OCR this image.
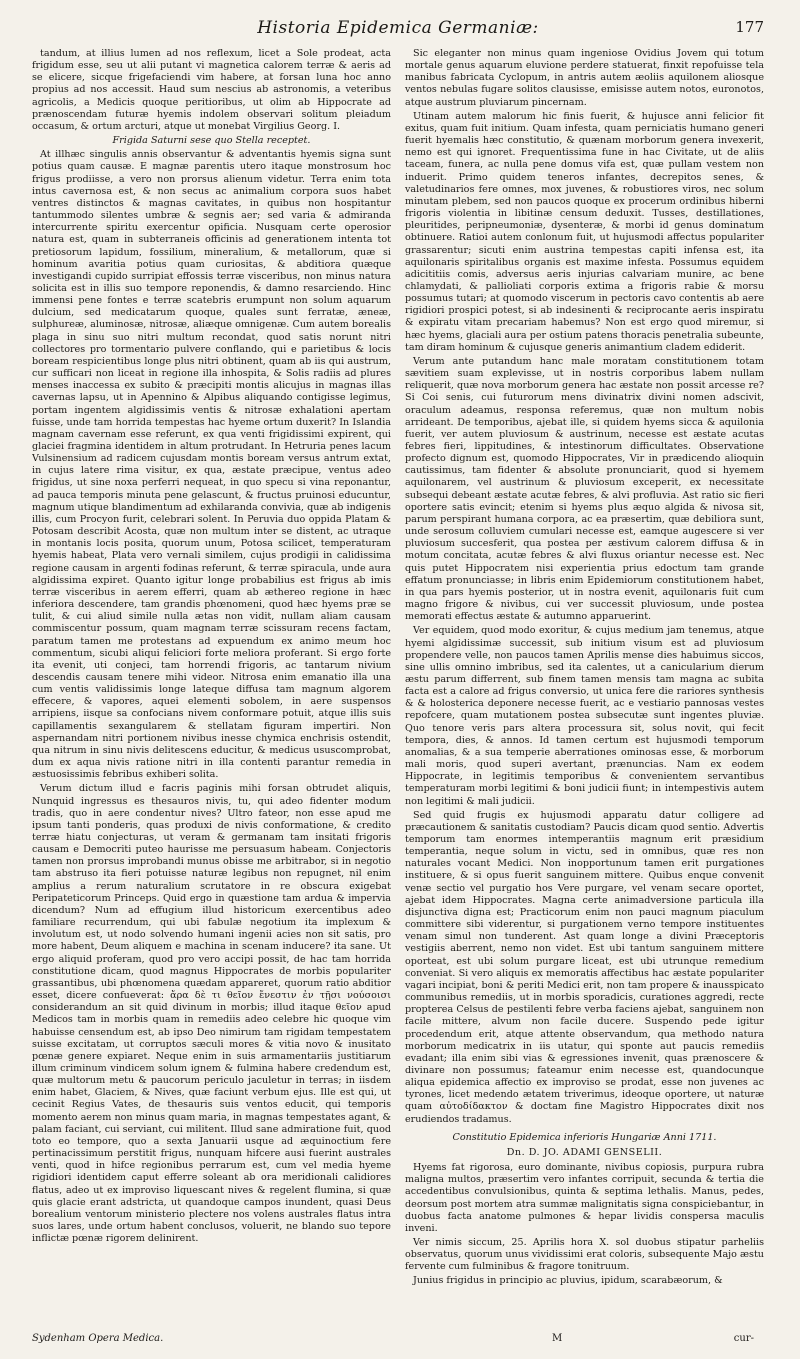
Historia Epidemica Germaniæ:	177

tandum, at illius lumen ad nos reflexum, licet a Sole prodeat, acta frigidum esse, seu ut alii putant vi magnetica calorem terræ & aeris ad se elicere, sicque frigefaciendi vim habere, at forsan luna hoc anno propius ad nos accessit. Haud sum nescius ab astronomis, a veteribus agricolis, a Medicis quoque peritioribus, ut olim ab Hippocrate ad prænoscendam futuræ hyemis indolem observari solitum pleiadum occasum, & ortum arcturi, atque ut monebat Virgilius Georg. I.

Frigida Saturni sese quo Stella receptet.

At illhæc singulis annis observantur & adventantis hyemis signa sunt potius quam causæ. E magnæ parentis utero itaque monstrosum hoc frigus prodiisse, a vero non prorsus alienum videtur. Terra enim tota intus cavernosa est, & non secus ac animalium corpora suos habet ventres distinctos & magnas cavitates, in quibus non hospitantur tantummodo silentes umbræ & segnis aer; sed varia & admiranda intercurrente spiritu exercentur opificia. Nusquam certe operosior natura est, quam in subterraneis officinis ad generationem intenta tot pretiosorum lapidum, fossilium, mineralium, & metallorum, quæ si hominum avaritia potius quam curiositas, & abditiora quæque investigandi cupido surripiat effossis terræ visceribus, non minus natura solicita est in illis suo tempore reponendis, & damno resarciendo. Hinc immensi pene fontes e terræ scatebris erumpunt non solum aquarum dulcium, sed medicatarum quoque, quales sunt ferratæ, æneæ, sulphureæ, aluminosæ, nitrosæ, aliæque omnigenæ. Cum autem borealis plaga in sinu suo nitri multum recondat, quod satis norunt nitri collectores pro tormentario pulvere conflando, qui e parietibus & locis boream respicientibus longe plus nitri obtinent, quam ab iis qui austrum, cur sufficari non liceat in regione illa inhospita, & Solis radiis ad plures menses inaccessa ex subito & præcipiti montis alicujus in magnas illas cavernas lapsu, ut in Apennino & Alpibus aliquando contigisse legimus, portam ingentem algidissimis ventis & nitrosæ exhalationi apertam fuisse, unde tam horrida tempestas hac hyeme ortum duxerit? In Islandia magnam cavernam esse referunt, ex qua venti frigidissimi expirent, qui glaciei fragmina identidem in altum protrudant. In Hetruria penes lacum Vulsinensium ad radicem cujusdam montis boream versus antrum extat, in cujus latere rima visitur, ex qua, æstate præcipue, ventus adeo frigidus, ut sine noxa perferri nequeat, in quo specu si vina reponantur, ad pauca temporis minuta pene gelascunt, & fructus pruinosi educuntur, magnum utique blandimentum ad exhilaranda convivia, quæ ab indigenis illis, cum Procyon furit, celebrari solent. In Peruvia duo oppida Platam & Potosam describit Acosta, quæ non multum inter se distent, ac utraque in montanis locis posita, quorum unum, Potosa scilicet, temperaturam hyemis habeat, Plata vero vernali similem, cujus prodigii in calidissima regione causam in argenti fodinas referunt, & terræ spiracula, unde aura algidissima expiret. Quanto igitur longe probabilius est frigus ab imis terræ visceribus in aerem efferri, quam ab æthereo regione in hæc inferiora descendere, tam grandis phœnomeni, quod hæc hyems præ se tulit, & cui aliud simile nulla ætas non vidit, nullam aliam causam commiscentur possum, quam magnam terræ scissuram recens factam, paratum tamen me protestans ad expuendum ex animo meum hoc commentum, sicubi aliqui feliciori forte meliora proferant. Si ergo forte ita evenit, uti conjeci, tam horrendi frigoris, ac tantarum nivium descendis causam tenere mihi videor. Nitrosa enim emanatio illa una cum ventis validissimis longe lateque diffusa tam magnum algorem effecere, & vapores, aquei elementi sobolem, in aere suspensos arripiens, iisque sa confocians nivem conformare potuit, atque illis suis capillamentis sexangularem & stellatam figuram impertiri. Non aspernandam nitri portionem nivibus inesse chymica enchrisis ostendit, qua nitrum in sinu nivis delitescens educitur, & medicus ususcomprobat, dum ex aqua nivis ratione nitri in illa contenti parantur remedia in æstuosissimis febribus exhiberi solita.

Verum dictum illud e facris paginis mihi forsan obtrudet aliquis, Nunquid ingressus es thesauros nivis, tu, qui adeo fidenter modum tradis, quo in aere condentur nives? Ultro fateor, non esse apud me ipsum tanti ponderis, quas produxi de nivis conformatione, & credito terræ hiatu conjecturas, ut veram & germanam tam insitati frigoris causam e Democriti puteo haurisse me persuasum habeam. Conjectoris tamen non prorsus improbandi munus obisse me arbitrabor, si in negotio tam abstruso ita fieri potuisse naturæ legibus non repugnet, nil enim amplius a rerum naturalium scrutatore in re obscura exigebat Peripateticorum Princeps. Quid ergo in quæstione tam ardua & impervia dicendum? Num ad effugium illud historicum exercentibus adeo familiare recurrendum, qui ubi fabulæ negotium ita implexum & involutum est, ut nodo solvendo humani ingenii acies non sit satis, pro more habent, Deum aliquem e machina in scenam inducere? ita sane. Ut ergo aliquid proferam, quod pro vero accipi possit, de hac tam horrida constitutione dicam, quod magnus Hippocrates de morbis populariter grassantibus, ubi phœnomena quædam appareret, quorum ratio abditior esset, dicere confueverat: ἄρα δὲ τι θεῖον ἔνεστιν ἐν τῇσι νούσοισι considerandum an sit quid divinum in morbis; illud itaque θεῖον apud Medicos tam in morbis quam in remediis adeo celebre hic quoque vim habuisse censendum est, ab ipso Deo nimirum tam rigidam tempestatem suisse excitatam, ut corruptos sæculi mores & vitia novo & inusitato pœnæ genere expiaret. Neque enim in suis armamentariis justitiarum illum criminum vindicem solum ignem & fulmina habere credendum est, quæ multorum metu & paucorum periculo jaculetur in terras; in iisdem enim habet, Glaciem, & Nives, quæ faciunt verbum ejus. Ille est qui, ut cecinit Regius Vates, de thesauris suis ventos educit, qui temporis momento aerem non minus quam maria, in magnas tempestates agant, & palam faciant, cui serviant, cui militent. Illud sane admiratione fuit, quod toto eo tempore, quo a sexta Januarii usque ad æquinoctium fere pertinacissimum perstitit frigus, nunquam hifcere ausi fuerint australes venti, quod in hifce regionibus perrarum est, cum vel media hyeme rigidiori identidem caput efferre soleant ab ora meridionali calidiores flatus, adeo ut ex improviso liquescant nives & regelent flumina, si quæ quis glacie erant adstricta, ut quandoque campos inundent, quasi Deus borealium ventorum ministerio plectere nos volens australes flatus intra suos lares, unde ortum habent conclusos, voluerit, ne blando suo tepore inflictæ pœnæ rigorem delinirent.

Sic eleganter non minus quam ingeniose Ovidius Jovem qui totum mortale genus aquarum eluvione perdere statuerat, finxit repofuisse tela manibus fabricata Cyclopum, in antris autem æoliis aquilonem aliosque ventos nebulas fugare solitos clausisse, emisisse autem notos, euronotos, atque austrum pluviarum pincernam.

Utinam autem malorum hic finis fuerit, & hujusce anni felicior fit exitus, quam fuit initium. Quam infesta, quam perniciatis humano generi fuerit hyemalis hæc constitutio, & quænam morborum genera invexerit, nemo est qui ignoret. Frequentissima fune in hac Civitate, ut de aliis taceam, funera, ac nulla pene domus vifa est, quæ pullam vestem non induerit. Primo quidem teneros infantes, decrepitos senes, & valetudinarios fere omnes, mox juvenes, & robustiores viros, nec solum minutam plebem, sed non paucos quoque ex procerum ordinibus hiberni frigoris violentia in libitinæ censum deduxit. Tusses, destillationes, pleuritides, peripneumoniæ, dysenteræ, & morbi id genus dominatum obtinuere. Ratioi autem conlonum fuit, ut hujusmodi affectus populariter grassarentur; sicuti enim austrina tempestas capiti infensa est, ita aquilonaris spiritalibus organis est maxime infesta. Possumus equidem adicititiis comis, adversus aeris injurias calvariam munire, ac bene chlamydati, & pallioliati corporis extima a frigoris rabie & morsu possumus tutari; at quomodo viscerum in pectoris cavo contentis ab aere rigidiori prospici potest, si ab indesinenti & reciprocante aeris inspiratu & expiratu vitam precariam habemus? Non est ergo quod miremur, si hæc hyems, glaciali aura per ostium patens thoracis penetralia subeunte, tam diram hominum & cujusque generis animantium cladem ediderit.

Verum ante putandum hanc male moratam constitutionem totam sævitiem suam explevisse, ut in nostris corporibus labem nullam reliquerit, quæ nova morborum genera hac æstate non possit arcesse re? Si Coi senis, cui futurorum mens divinatrix divini nomen adscivit, oraculum adeamus, responsa referemus, quæ non multum nobis arrideant. De temporibus, ajebat ille, si quidem hyems sicca & aquilonia fuerit, ver autem pluviosum & austrinum, necesse est æstate acutas febres fieri, lippitudines, & intestinorum difficultates. Observatione profecto dignum est, quomodo Hippocrates, Vir in prædicendo alioquin cautissimus, tam fidenter & absolute pronunciarit, quod si hyemem aquilonarem, vel austrinum & pluviosum exceperit, ex necessitate subsequi debeant æstate acutæ febres, & alvi profluvia. Ast ratio sic fieri oportere satis evincit; etenim si hyems plus æquo algida & nivosa sit, parum perspirant humana corpora, ac ea præsertim, quæ debiliora sunt, unde serosum colluviem cumulari necesse est, eamque augescere si ver pluviosum succesferit, qua postea per æstivum calorem diffusa & in motum concitata, acutæ febres & alvi fluxus oriantur necesse est. Nec quis putet Hippocratem nisi experientia prius edoctum tam grande effatum pronunciasse; in libris enim Epidemiorum constitutionem habet, in qua pars hyemis posterior, ut in nostra evenit, aquilonaris fuit cum magno frigore & nivibus, cui ver successit pluviosum, unde postea memorati effectus æstate & autumno apparuerint.

Ver equidem, quod modo exoritur, & cujus medium jam tenemus, atque hyemi algidissimæ successit, sub initium visum est ad pluviosum propendere velle, non paucos tamen Aprilis mense dies habuimus siccos, sine ullis omnino imbribus, sed ita calentes, ut a canicularium dierum æstu parum differrent, sub finem tamen mensis tam magna ac subita facta est a calore ad frigus conversio, ut unica fere die rariores synthesis & & holosterica deponere necesse fuerit, ac e vestiario pannosas vestes repofcere, quam mutationem postea subsecutæ sunt ingentes pluviæ. Quo tenore veris pars altera processura sit, solus novit, qui fecit tempora, dies, & annos. Id tamen certum est hujusmodi temporum anomalias, & a sua temperie aberrationes ominosas esse, & morborum mali moris, quod superi avertant, prænuncias. Nam ex eodem Hippocrate, in legitimis temporibus & convenientem servantibus temperaturam morbi legitimi & boni judicii fiunt; in intempestivis autem non legitimi & mali judicii.

Sed quid frugis ex hujusmodi apparatu datur colligere ad præcautionem & sanitatis custodiam? Paucis dicam quod sentio. Advertis temporum tam enormes intemperantiis magnum erit præsidium temperantia, neque solum in victu, sed in omnibus, quæ res non naturales vocant Medici. Non inopportunum tamen erit purgationes instituere, & si opus fuerit sanguinem mittere. Quibus enque convenit venæ sectio vel purgatio hos Vere purgare, vel venam secare oportet, ajebat idem Hippocrates. Magna certe animadversione particula illa disjunctiva digna est; Practicorum enim non pauci magnum piaculum committere sibi viderentur, si purgationem verno tempore instituentes venam simul non tunderent. Ast quam longe a divini Præceptoris vestigiis aberrent, nemo non videt. Est ubi tantum sanguinem mittere oporteat, est ubi solum purgare liceat, est ubi utrunque remedium conveniat. Si vero aliquis ex memoratis affectibus hac æstate populariter vagari incipiat, boni & periti Medici erit, non tam propere & inausspicato communibus remediis, ut in morbis sporadicis, curationes aggredi, recte propterea Celsus de pestilenti febre verba faciens ajebat, sanguinem non facile mittere, alvum non facile ducere. Suspendo pede igitur procedendum erit, atque attente observandum, qua methodo natura morborum medicatrix in iis utatur, qui sponte aut paucis remediis evadant; illa enim sibi vias & egressiones invenit, quas prænoscere & divinare non possumus; fateamur enim necesse est, quandocunque aliqua epidemica affectio ex improviso se prodat, esse non juvenes ac tyrones, licet medendo ætatem triverimus, ideoque oportere, ut naturæ quam αὐτοδίδακτον & doctam fine Magistro Hippocrates dixit nos erudiendos tradamus.

Constitutio Epidemica inferioris Hungariæ Anni 1711.

Dn. D. JO. ADAMI GENSELII.

Hyems fat rigorosa, euro dominante, nivibus copiosis, purpura rubra maligna multos, præsertim vero infantes corripuit, secunda & tertia die accedentibus convulsionibus, quinta & septima lethalis. Manus, pedes, deorsum post mortem atra summæ malignitatis signa conspiciebantur, in duobus facta anatome pulmones & hepar lividis conspersa maculis inveni.

Ver nimis siccum, 25. Aprilis hora X. sol duobus stipatur parheliis observatus, quorum unus vividissimi erat coloris, subsequente Majo æstu fervente cum fulminibus & fragore tonitruum.

Junius frigidus in principio ac pluvius, ipidum, scarabæorum, &

Sydenham Opera Medica.	M	cur-
